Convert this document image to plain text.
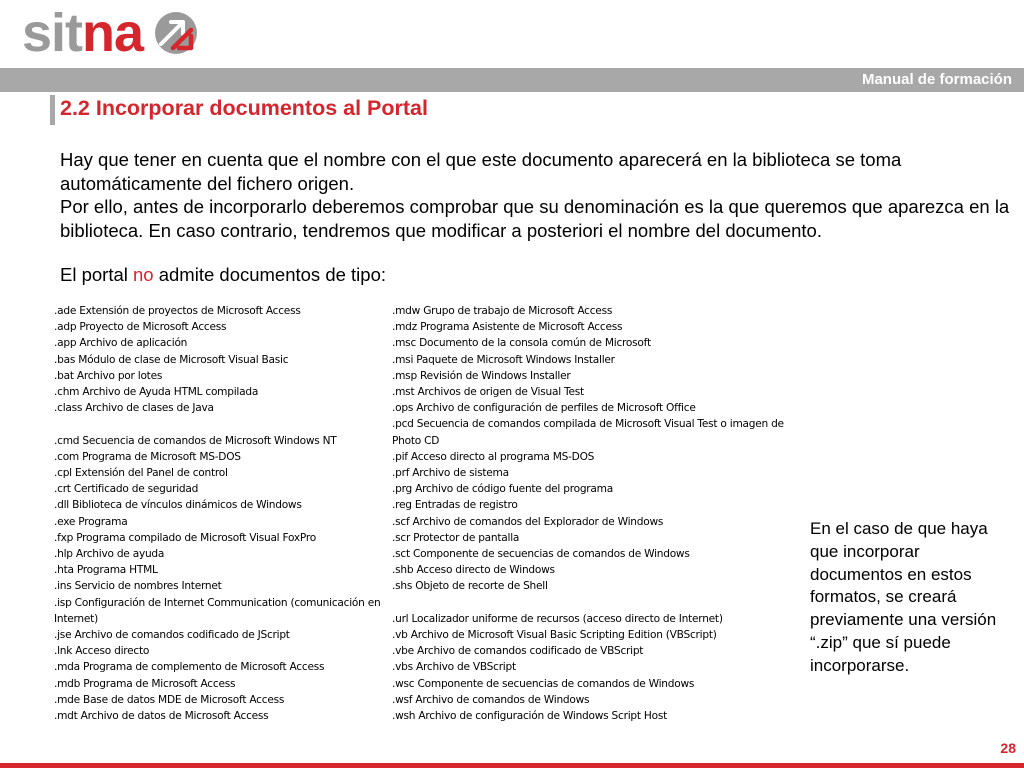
sitna
Manual de formación
2.2 Incorporar documentos al Portal

Hay que tener en cuenta que el nombre con el que este documento aparecerá en la biblioteca se toma automáticamente del fichero origen.

Por ello, antes de incorporarlo deberemos comprobar que su denominación es la que queremos que aparezca en la biblioteca. En caso contrario, tendremos que modificar a posteriori el nombre del documento.

El portal no admite documentos de tipo:
.ade Extensión de proyectos de Microsoft Access
.adp Proyecto de Microsoft Access
.app Archivo de aplicación
.bas Módulo de clase de Microsoft Visual Basic
.bat Archivo por lotes
.chm Archivo de Ayuda HTML compilada
.class Archivo de clases de Java

.cmd Secuencia de comandos de Microsoft Windows NT
.com Programa de Microsoft MS-DOS
.cpl Extensión del Panel de control
.crt Certificado de seguridad
.dll Biblioteca de vínculos dinámicos de Windows
.exe Programa
.fxp Programa compilado de Microsoft Visual FoxPro
.hlp Archivo de ayuda
.hta Programa HTML
.ins Servicio de nombres Internet
.isp Configuración de Internet Communication (comunicación en
Internet)
.jse Archivo de comandos codificado de JScript
.lnk Acceso directo
.mda Programa de complemento de Microsoft Access
.mdb Programa de Microsoft Access
.mde Base de datos MDE de Microsoft Access
.mdt Archivo de datos de Microsoft Access
.mdw Grupo de trabajo de Microsoft Access
.mdz Programa Asistente de Microsoft Access
.msc Documento de la consola común de Microsoft
.msi Paquete de Microsoft Windows Installer
.msp Revisión de Windows Installer
.mst Archivos de origen de Visual Test
.ops Archivo de configuración de perfiles de Microsoft Office
.pcd Secuencia de comandos compilada de Microsoft Visual Test o imagen de
Photo CD
.pif Acceso directo al programa MS-DOS
.prf Archivo de sistema
.prg Archivo de código fuente del programa
.reg Entradas de registro
.scf Archivo de comandos del Explorador de Windows
.scr Protector de pantalla
.sct Componente de secuencias de comandos de Windows
.shb Acceso directo de Windows
.shs Objeto de recorte de Shell

.url Localizador uniforme de recursos (acceso directo de Internet)
.vb Archivo de Microsoft Visual Basic Scripting Edition (VBScript)
.vbe Archivo de comandos codificado de VBScript
.vbs Archivo de VBScript
.wsc Componente de secuencias de comandos de Windows
.wsf Archivo de comandos de Windows
.wsh Archivo de configuración de Windows Script Host
En el caso de que haya que incorporar documentos en estos formatos, se creará previamente una versión “.zip” que sí puede incorporarse.
28
